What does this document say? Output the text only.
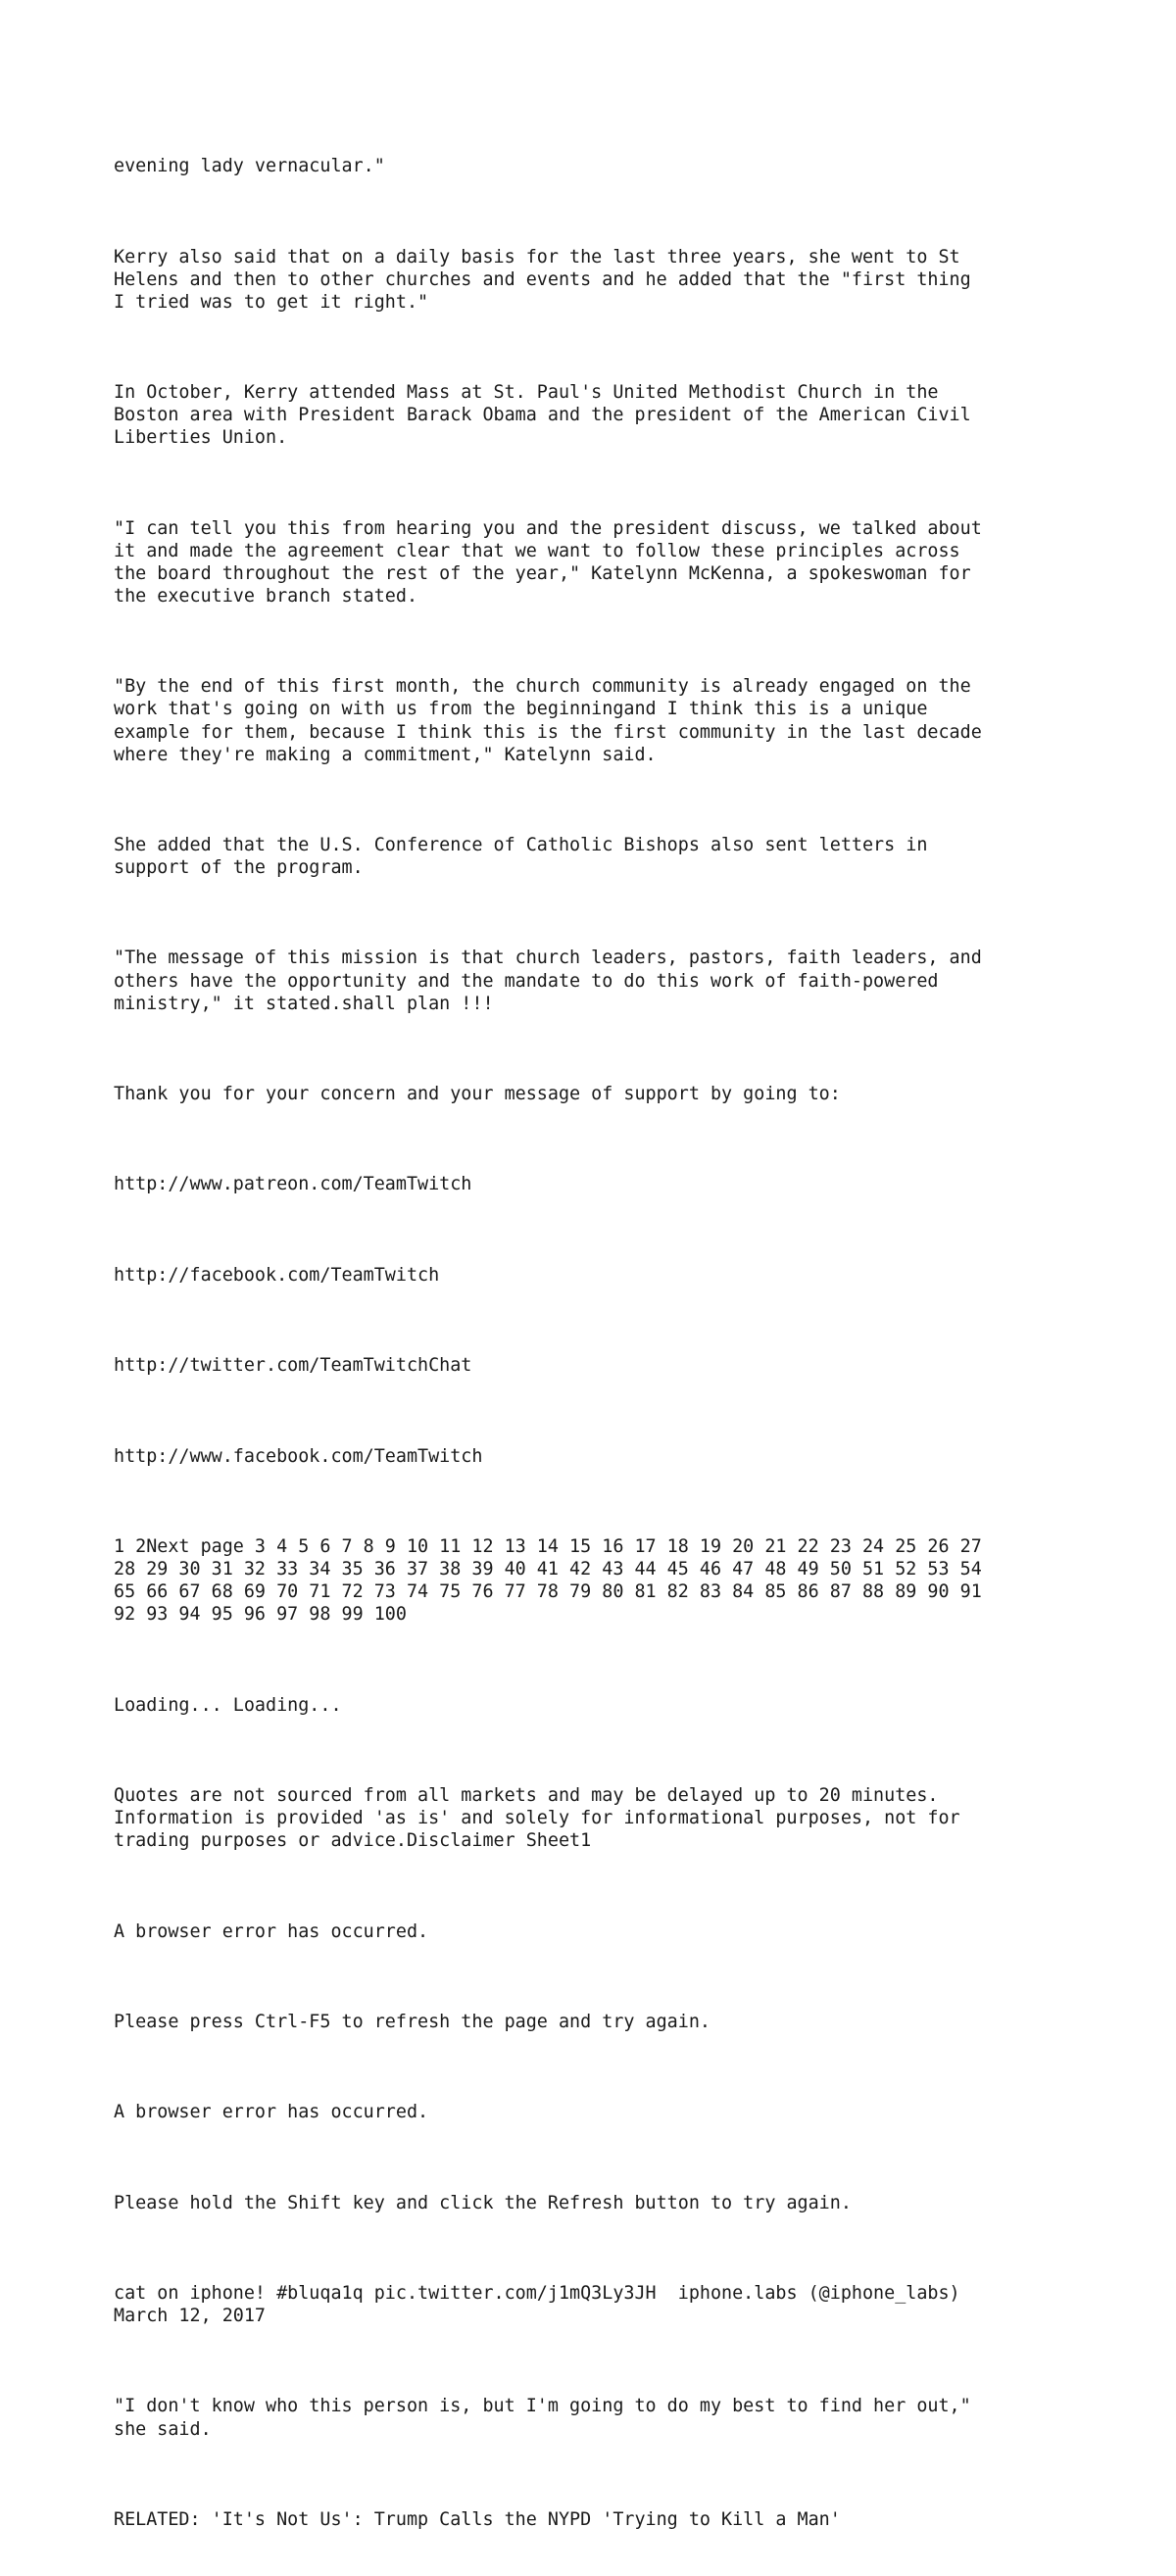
evening lady vernacular."

Kerry also said that on a daily basis for the last three years, she went to St
Helens and then to other churches and events and he added that the "first thing
I tried was to get it right."

In October, Kerry attended Mass at St. Paul's United Methodist Church in the
Boston area with President Barack Obama and the president of the American Civil
Liberties Union.

"I can tell you this from hearing you and the president discuss, we talked about
it and made the agreement clear that we want to follow these principles across
the board throughout the rest of the year," Katelynn McKenna, a spokeswoman for
the executive branch stated.

"By the end of this first month, the church community is already engaged on the
work that's going on with us from the beginningand I think this is a unique
example for them, because I think this is the first community in the last decade
where they're making a commitment," Katelynn said.

She added that the U.S. Conference of Catholic Bishops also sent letters in
support of the program.

"The message of this mission is that church leaders, pastors, faith leaders, and
others have the opportunity and the mandate to do this work of faith-powered
ministry," it stated.shall plan !!!

Thank you for your concern and your message of support by going to:

http://www.patreon.com/TeamTwitch

http://facebook.com/TeamTwitch

http://twitter.com/TeamTwitchChat

http://www.facebook.com/TeamTwitch

1 2Next page 3 4 5 6 7 8 9 10 11 12 13 14 15 16 17 18 19 20 21 22 23 24 25 26 27
28 29 30 31 32 33 34 35 36 37 38 39 40 41 42 43 44 45 46 47 48 49 50 51 52 53 54
65 66 67 68 69 70 71 72 73 74 75 76 77 78 79 80 81 82 83 84 85 86 87 88 89 90 91
92 93 94 95 96 97 98 99 100

Loading... Loading...

Quotes are not sourced from all markets and may be delayed up to 20 minutes.
Information is provided 'as is' and solely for informational purposes, not for
trading purposes or advice.Disclaimer Sheet1

A browser error has occurred.

Please press Ctrl-F5 to refresh the page and try again.

A browser error has occurred.

Please hold the Shift key and click the Refresh button to try again.

cat on iphone! #bluqa1q pic.twitter.com/j1mQ3Ly3JH  iphone.labs (@iphone_labs)
March 12, 2017

"I don't know who this person is, but I'm going to do my best to find her out,"
she said.

RELATED: 'It's Not Us': Trump Calls the NYPD 'Trying to Kill a Man'
